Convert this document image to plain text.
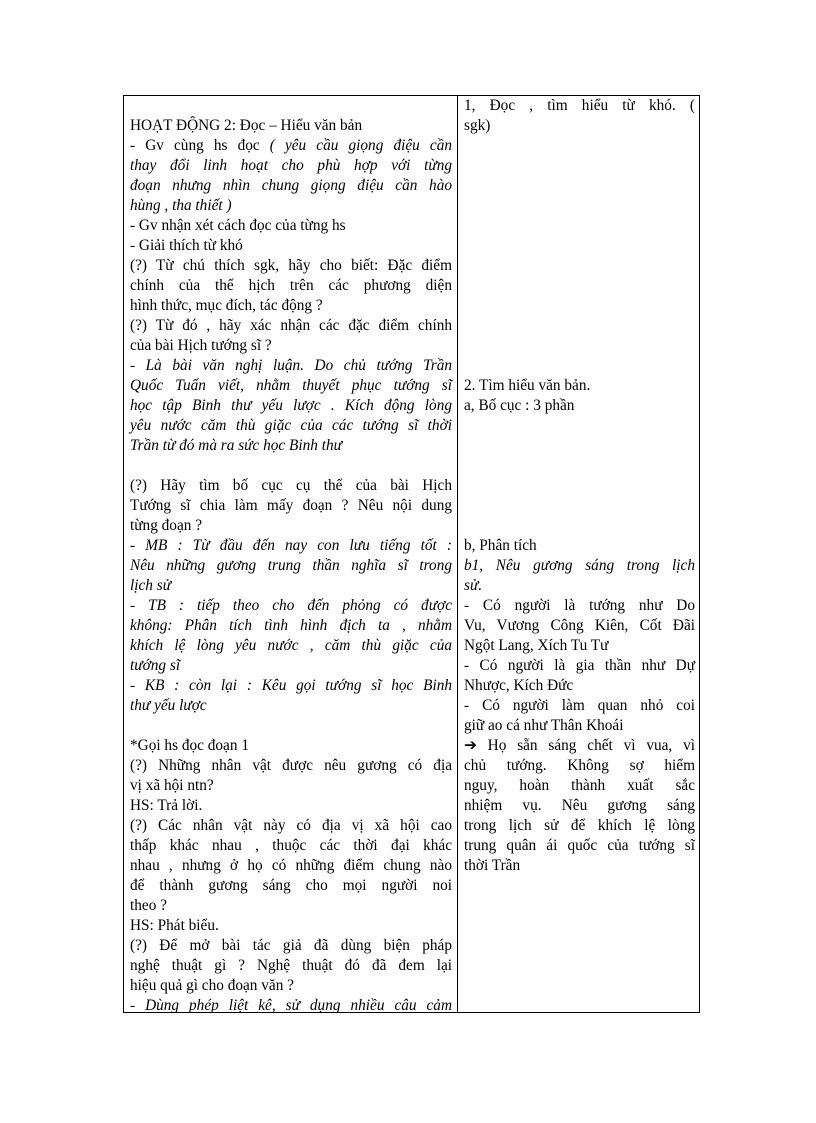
HOẠT ĐỘNG 2: Đọc – Hiểu văn bản
- Gv cùng hs đọc ( yêu cầu giọng điệu cần
thay đổi linh hoạt cho phù hợp với từng
đoạn nhưng nhìn chung giọng điệu cần hào
hùng , tha thiết )
- Gv nhận xét cách đọc của từng hs
- Giải thích từ khó
(?) Từ chú thích sgk, hãy cho biết: Đặc điểm
chính của thể hịch trên các phương diện
hình thức, mục đích, tác động ?
(?) Từ đó , hãy xác nhận các đặc điểm chính
của bài Hịch tướng sĩ ?
- Là bài văn nghị luận. Do chủ tướng Trần
Quốc Tuấn viết, nhằm thuyết phục tướng sĩ
học tập Binh thư yếu lược . Kích động lòng
yêu nước căm thù giặc của các tướng sĩ thời
Trần từ đó mà ra sức học Binh thư
(?) Hãy tìm bố cục cụ thể của bài Hịch
Tướng sĩ chia làm mấy đoạn ? Nêu nội dung
từng đoạn ?
- MB : Từ đầu đến nay con lưu tiếng tốt :
Nêu những gương trung thần nghĩa sĩ trong
lịch sử
- TB : tiếp theo cho đến phỏng có được
không: Phân tích tình hình địch ta , nhằm
khích lệ lòng yêu nước , căm thù giặc của
tướng sĩ
- KB : còn lại : Kêu gọi tướng sĩ học Binh
thư yếu lược
*Gọi hs đọc đoạn 1
(?) Những nhân vật được nêu gương có địa
vị xã hội ntn?
HS: Trả lời.
(?) Các nhân vật này có địa vị xã hội cao
thấp khác nhau , thuộc các thời đại khác
nhau , nhưng ở họ có những điểm chung nào
để thành gương sáng cho mọi người noi
theo ?
HS: Phát biểu.
(?) Để mở bài tác giả đã dùng biện pháp
nghệ thuật gì ? Nghệ thuật đó đã đem lại
hiệu quả gì cho đoạn văn ?
- Dùng phép liệt kê, sử dụng nhiều câu cảm
1, Đọc , tìm hiểu từ khó. (
sgk)
2. Tìm hiểu văn bản.
a, Bố cục : 3 phần
b, Phân tích
b1, Nêu gương sáng trong lịch
sử.
- Có người là tướng như Do
Vu, Vương Công Kiên, Cốt Đãi
Ngột Lang, Xích Tu Tư
- Có người là gia thần như Dự
Nhược, Kích Đức
- Có người làm quan nhỏ coi
giữ ao cá như Thân Khoái
➔ Họ sẵn sáng chết vì vua, vì
chủ tướng. Không sợ hiểm
nguy, hoàn thành xuất sắc
nhiệm vụ. Nêu gương sáng
trong lịch sử để khích lệ lòng
trung quân ái quốc của tướng sĩ
thời Trần
